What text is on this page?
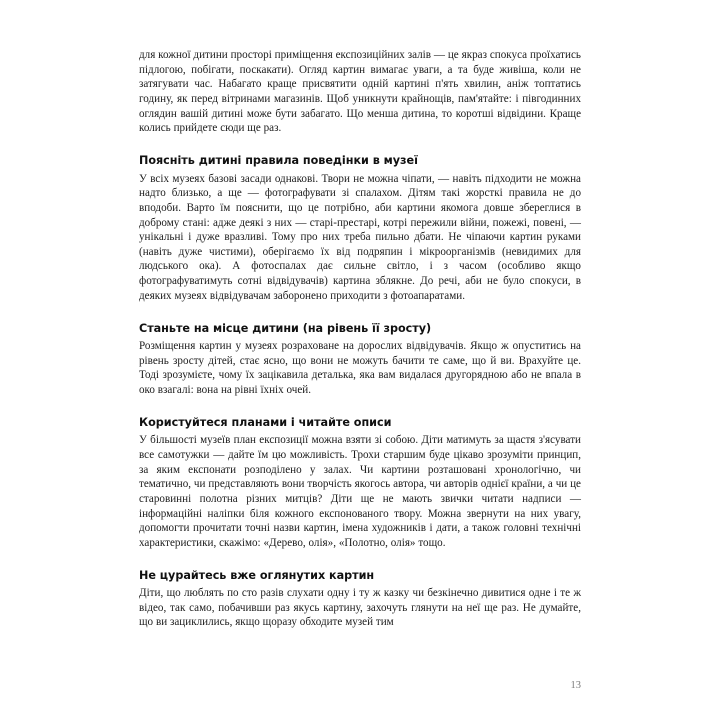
для кожної дитини просторі приміщення експозиційних залів — це якраз спокуса проїхатись підлогою, побігати, поскакати). Огляд картин вимагає уваги, а та буде живіша, коли не затягувати час. Набагато краще присвятити одній картині п'ять хвилин, аніж топтатись годину, як перед вітринами магазинів. Щоб уникнути крайнощів, пам'ятайте: і півгодинних оглядин вашій дитині може бути забагато. Що менша дитина, то коротші відвідини. Краще колись прийдете сюди ще раз.

Поясніть дитині правила поведінки в музеї

У всіх музеях базові засади однакові. Твори не можна чіпати, — навіть підходити не можна надто близько, а ще — фотографувати зі спалахом. Дітям такі жорсткі правила не до вподоби. Варто їм пояснити, що це потрібно, аби картини якомога довше збереглися в доброму стані: адже деякі з них — старі-престарі, котрі пережили війни, пожежі, повені, — унікальні і дуже вразливі. Тому про них треба пильно дбати. Не чіпаючи картин руками (навіть дуже чистими), оберігаємо їх від подряпин і мікроорганізмів (невидимих для людського ока). А фотоспалах дає сильне світло, і з часом (особливо якщо фотографуватимуть сотні відвідувачів) картина зблякне. До речі, аби не було спокуси, в деяких музеях відвідувачам заборонено приходити з фотоапаратами.

Станьте на місце дитини (на рівень її зросту)

Розміщення картин у музеях розраховане на дорослих відвідувачів. Якщо ж опуститись на рівень зросту дітей, стає ясно, що вони не можуть бачити те саме, що й ви. Врахуйте це. Тоді зрозумієте, чому їх зацікавила деталька, яка вам видалася другорядною або не впала в око взагалі: вона на рівні їхніх очей.

Користуйтеся планами і читайте описи

У більшості музеїв план експозиції можна взяти зі собою. Діти матимуть за щастя з'ясувати все самотужки — дайте їм цю можливість. Трохи старшим буде цікаво зрозуміти принцип, за яким експонати розподілено у залах. Чи картини розташовані хронологічно, чи тематично, чи представляють вони творчість якогось автора, чи авторів однієї країни, а чи це старовинні полотна різних митців? Діти ще не мають звички читати надписи — інформаційні наліпки біля кожного експонованого твору. Можна звернути на них увагу, допомогти прочитати точні назви картин, імена художників і дати, а також головні технічні характеристики, скажімо: «Дерево, олія», «Полотно, олія» тощо.

Не цурайтесь вже оглянутих картин

Діти, що люблять по сто разів слухати одну і ту ж казку чи безкінечно дивитися одне і те ж відео, так само, побачивши раз якусь картину, захочуть глянути на неї ще раз. Не думайте, що ви зациклились, якщо щоразу обходите музей тим

13
